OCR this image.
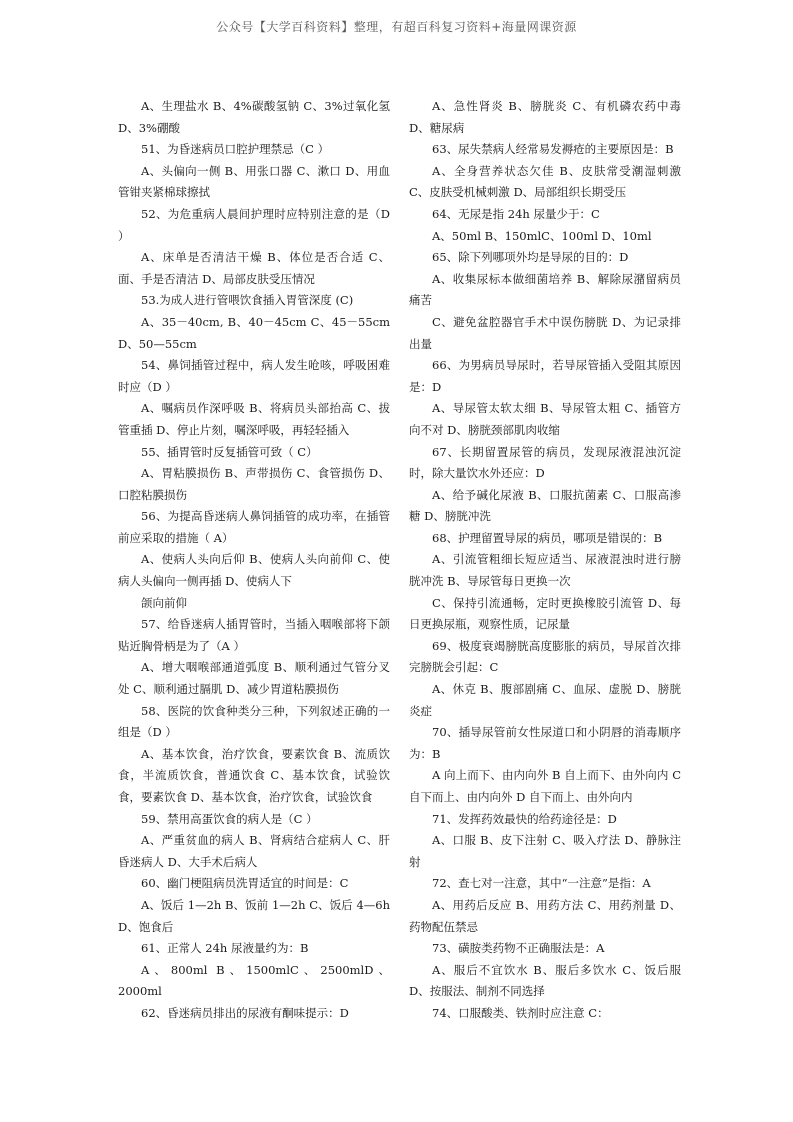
公众号【大学百科资料】整理，有超百科复习资料+海量网课资源

A、生理盐水 B、4%碳酸氢钠 C、3%过氧化氢 D、3%硼酸

51、为昏迷病员口腔护理禁忌（C ）

A、头偏向一侧 B、用张口器 C、漱口 D、用血管钳夹紧棉球擦拭

52、为危重病人晨间护理时应特别注意的是（D ）

A、床单是否清洁干燥 B、体位是否合适 C、面、手是否清洁 D、局部皮肤受压情况

53.为成人进行管喂饮食插入胃管深度 (C)

A、35－40cm, B、40－45cm C、45－55cm D、50—55cm

54、鼻饲插管过程中，病人发生呛咳，呼吸困难时应（D ）

A、嘱病员作深呼吸 B、将病员头部抬高 C、拔管重插 D、停止片刻，嘱深呼吸，再轻轻插入

55、插胃管时反复插管可致（ C）

A、胃粘膜损伤 B、声带损伤 C、食管损伤 D、口腔粘膜损伤

56、为提高昏迷病人鼻饲插管的成功率，在插管前应采取的措施（ A）

A、使病人头向后仰 B、使病人头向前仰 C、使病人头偏向一侧再插 D、使病人下

颌向前仰

57、给昏迷病人插胃管时，当插入咽喉部将下颌贴近胸骨柄是为了（A ）

A、增大咽喉部通道弧度 B、顺利通过气管分叉处 C、顺利通过膈肌 D、减少胃道粘膜损伤

58、医院的饮食种类分三种，下列叙述正确的一组是（D ）

A、基本饮食，治疗饮食，要素饮食 B、流质饮食，半流质饮食，普通饮食 C、基本饮食，试验饮食，要素饮食 D、基本饮食，治疗饮食，试验饮食

59、禁用高蛋饮食的病人是（C ）

A、严重贫血的病人 B、肾病结合症病人 C、肝昏迷病人 D、大手术后病人

60、幽门梗阻病员洗胃适宜的时间是：C

A、饭后 1—2h B、饭前 1—2h C、饭后 4—6h D、饱食后

61、正常人 24h 尿液量约为：B

A、800ml B、1500mlC、2500mlD、2000ml

62、昏迷病员排出的尿液有酮味提示：D

A、急性肾炎 B、膀胱炎 C、有机磷农药中毒 D、糖尿病

63、尿失禁病人经常易发褥疮的主要原因是：B

A、全身营养状态欠佳 B、皮肤常受潮湿刺激 C、皮肤受机械刺激 D、局部组织长期受压

64、无尿是指 24h 尿量少于：C

A、50ml B、150mlC、100ml D、10ml

65、除下列哪项外均是导尿的目的：D

A、收集尿标本做细菌培养 B、解除尿潴留病员痛苦

C、避免盆腔器官手术中误伤膀胱 D、为记录排出量

66、为男病员导尿时，若导尿管插入受阻其原因是：D

A、导尿管太软太细 B、导尿管太粗 C、插管方向不对 D、膀胱颈部肌肉收缩

67、长期留置尿管的病员，发现尿液混浊沉淀时，除大量饮水外还应：D

A、给予碱化尿液 B、口服抗菌素 C、口服高渗糖 D、膀胱冲洗

68、护理留置导尿的病员，哪项是错误的：B

A、引流管粗细长短应适当、尿液混浊时进行膀胱冲洗 B、导尿管每日更换一次

C、保持引流通畅，定时更换橡胶引流管 D、每日更换尿瓶，观察性质，记尿量

69、极度衰竭膀胱高度膨胀的病员，导尿首次排完膀胱会引起：C

A、休克 B、腹部剧痛 C、血尿、虚脱 D、膀胱炎症

70、插导尿管前女性尿道口和小阴唇的消毒顺序为：B

A 向上而下、由内向外 B 自上而下、由外向内 C 自下而上、由内向外 D 自下而上、由外向内

71、发挥药效最快的给药途径是：D

A、口服 B、皮下注射 C、吸入疗法 D、静脉注射

72、查七对一注意，其中“一注意”是指：A

A、用药后反应 B、用药方法 C、用药剂量 D、药物配伍禁忌

73、磺胺类药物不正确服法是：A

A、服后不宜饮水 B、服后多饮水 C、饭后服 D、按服法、制剂不同选择

74、口服酸类、铁剂时应注意 C：
